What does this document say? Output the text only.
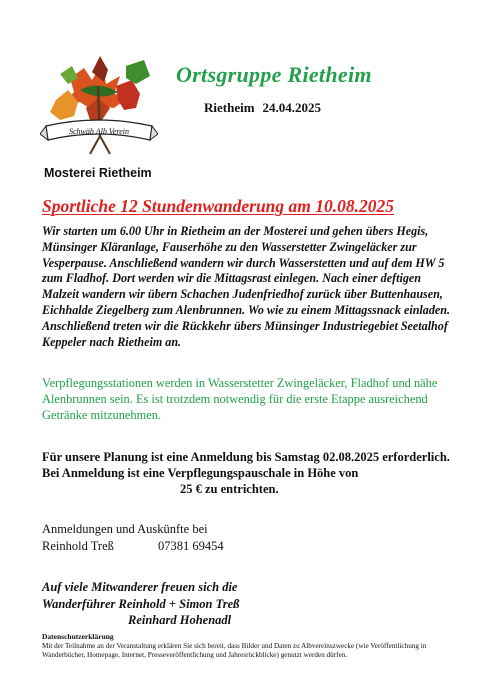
Schwäb Alb Verein
Ortsgruppe Rietheim
Rietheim 24.04.2025
Mosterei Rietheim
Sportliche 12 Stundenwanderung am 10.08.2025

Wir starten um 6.00 Uhr in Rietheim an der Mosterei und gehen übers Hegis, Münsinger Kläranlage, Fauserhöhe zu den Wasserstetter Zwingeläcker zur Vesperpause. Anschließend wandern wir durch Wasserstetten und auf dem HW 5 zum Fladhof. Dort werden wir die Mittagsrast einlegen. Nach einer deftigen Malzeit wandern wir übern Schachen Judenfriedhof zurück über Buttenhausen, Eichhalde Ziegelberg zum Alenbrunnen. Wo wie zu einem Mittagssnack einladen. Anschließend treten wir die Rückkehr übers Münsinger Industriegebiet Seetalhof Keppeler nach Rietheim an.

Verpflegungsstationen werden in Wasserstetter Zwingeläcker, Fladhof und nähe Alenbrunnen sein. Es ist trotzdem notwendig für die erste Etappe ausreichend Getränke mitzunehmen.

Für unsere Planung ist eine Anmeldung bis Samstag 02.08.2025 erforderlich.
Bei Anmeldung ist eine Verpflegungspauschale in Höhe von
25 € zu entrichten.

Anmeldungen und Auskünfte bei
Reinhold Treß	07381 69454
Auf viele Mitwanderer freuen sich die
Wanderführer Reinhold + Simon Treß
Reinhard Hohenadl
Datenschutzerklärung

Mit der Teilnahme an der Veranstaltung erklären Sie sich bereit, dass Bilder und Daten zu Albvereinszwecke (wie Veröffentlichung in Wanderbücher, Homepage, Internet, Presseveröffentlichung und Jahresrückblicke) genutzt werden dürfen.
